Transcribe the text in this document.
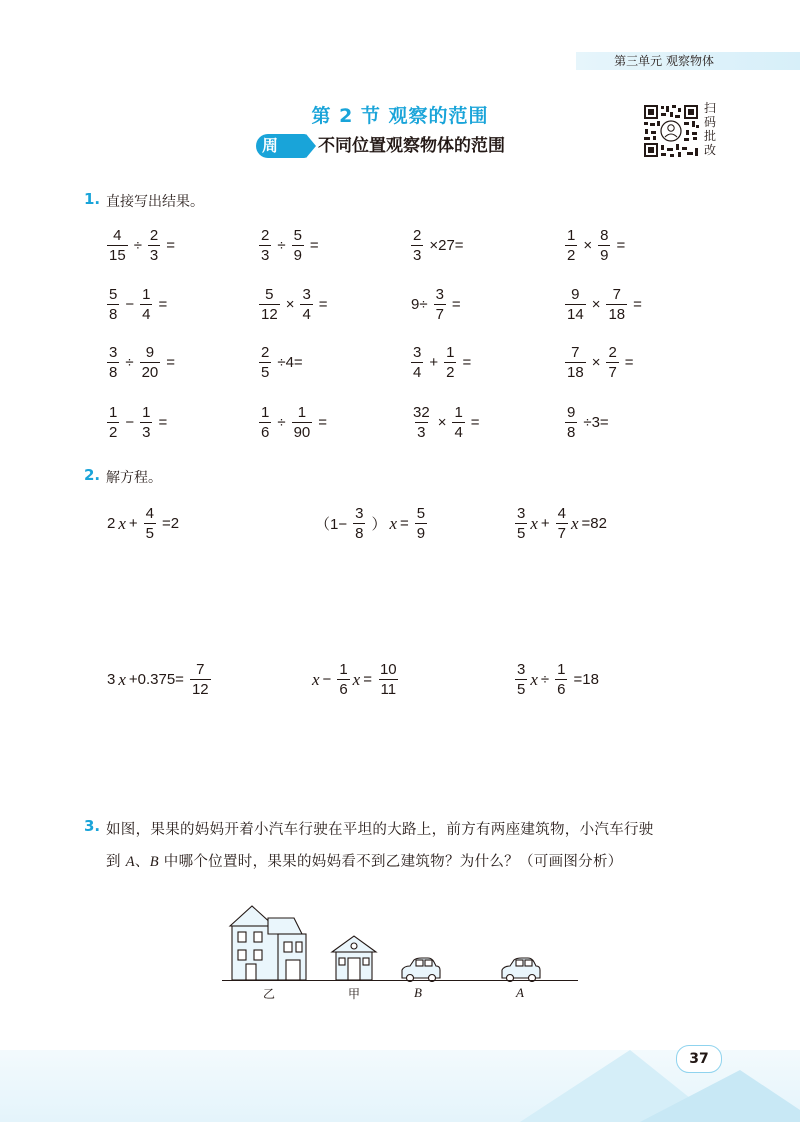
第三单元 观察物体
第 2 节 观察的范围
周二
不同位置观察物体的范围
扫
码
批
改
1. 直接写出结果。
2. 解方程。
3. 如图，果果的妈妈开着小汽车行驶在平坦的大路上，前方有两座建筑物，小汽车行驶
到 A、B 中哪个位置时，果果的妈妈看不到乙建筑物？为什么？（可画图分析）
乙	甲	B	A
37
$\frac{4}{15} \div \frac{2}{3}$ =	$\frac{2}{3} \div \frac{5}{9}$ =	$\frac{2}{3} \times 27=$	$\frac{1}{2} \times \frac{8}{9}$ =
$\frac{5}{8} - \frac{1}{4}$ =	$\frac{5}{12} \times \frac{3}{4}$ =	$9\div \frac{3}{7}$ =	$\frac{9}{14} \times \frac{7}{18}$ =
$\frac{3}{8} \div \frac{9}{20}$ =	$\frac{2}{5} \div 4=$	$\frac{3}{4} + \frac{1}{2}$ =	$\frac{7}{18} \times \frac{2}{7}$ =
$\frac{1}{2} - \frac{1}{3}$ =	$\frac{1}{6} \div \frac{1}{90}$ =	$\frac{32}{3} \times \frac{1}{4}$ =	$\frac{9}{8} \div 3=$
2 $x + \frac{4}{5} =2$	（$1- \frac{3}{8}$ ） $x = \frac{5}{9}$	$\frac{3}{5}$ $x + \frac{4}{7}$ x =82
3 $x +0.375= \frac{7}{12}$	$x - \frac{1}{6}$ $x = \frac{10}{11}$	$\frac{3}{5}$ $x \div \frac{1}{6} =18$
